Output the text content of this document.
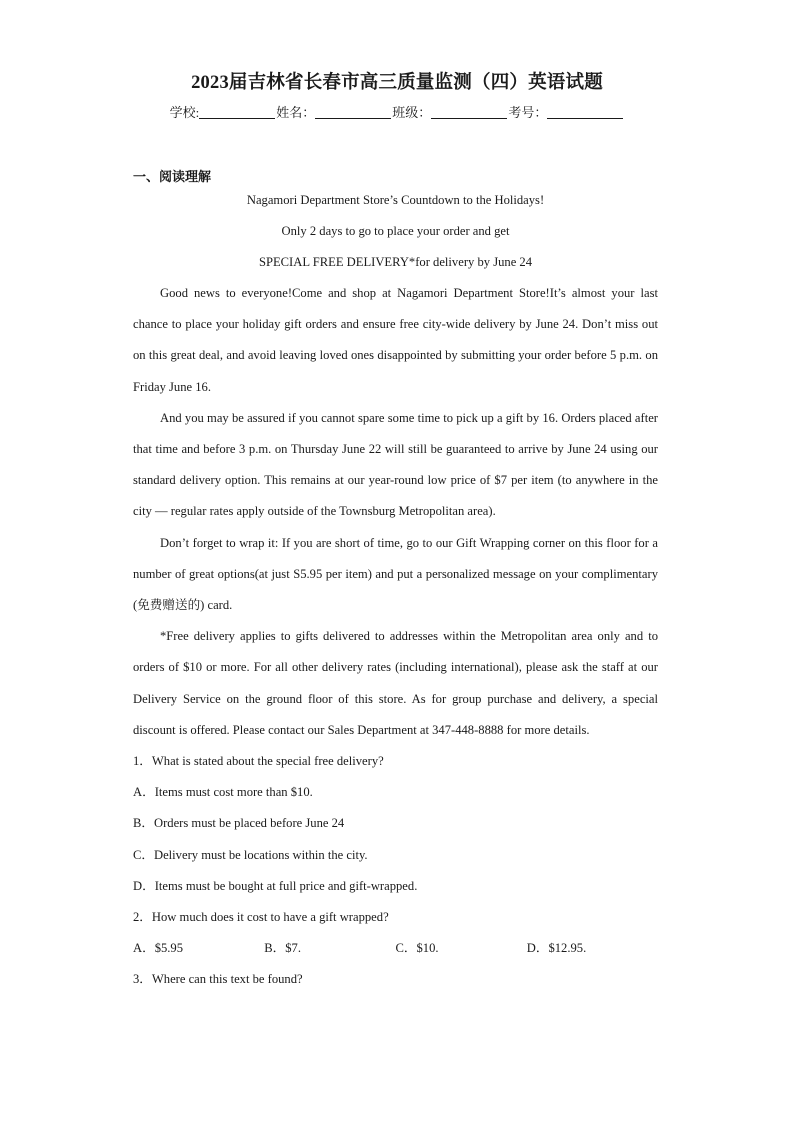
2023届吉林省长春市高三质量监测（四）英语试题
学校:	姓名：	班级：	考号：
一、阅读理解
Nagamori Department Store’s Countdown to the Holidays!
Only 2 days to go to place your order and get
SPECIAL FREE DELIVERY*for delivery by June 24
Good news to everyone!Come and shop at Nagamori Department Store!It’s almost your last chance to place your holiday gift orders and ensure free city-wide delivery by June 24. Don’t miss out on this great deal, and avoid leaving loved ones disappointed by submitting your order before 5 p.m. on Friday June 16.
And you may be assured if you cannot spare some time to pick up a gift by 16. Orders placed after that time and before 3 p.m. on Thursday June 22 will still be guaranteed to arrive by June 24 using our standard delivery option. This remains at our year-round low price of $7 per item (to anywhere in the city — regular rates apply outside of the Townsburg Metropolitan area).
Don’t forget to wrap it: If you are short of time, go to our Gift Wrapping corner on this floor for a number of great options(at just S5.95 per item) and put a personalized message on your complimentary (免费赠送的) card.
*Free delivery applies to gifts delivered to addresses within the Metropolitan area only and to orders of $10 or more. For all other delivery rates (including international), please ask the staff at our Delivery Service on the ground floor of this store. As for group purchase and delivery, a special discount is offered. Please contact our Sales Department at 347-448-8888 for more details.
1．What is stated about the special free delivery?
A．Items must cost more than $10.
B．Orders must be placed before June 24
C．Delivery must be locations within the city.
D．Items must be bought at full price and gift-wrapped.
2．How much does it cost to have a gift wrapped?
A．$5.95	B．$7.	C．$10.	D．$12.95.
3．Where can this text be found?
